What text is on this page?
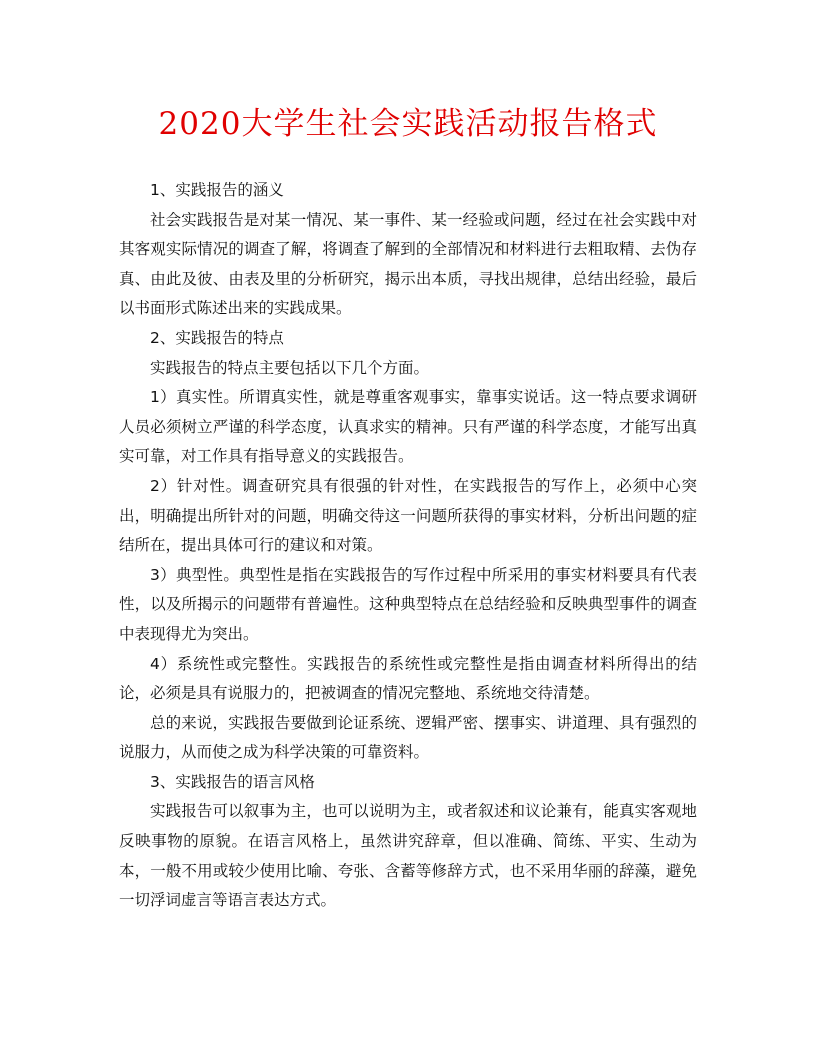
2020大学生社会实践活动报告格式

1、实践报告的涵义

社会实践报告是对某一情况、某一事件、某一经验或问题，经过在社会实践中对其客观实际情况的调查了解，将调查了解到的全部情况和材料进行去粗取精、去伪存真、由此及彼、由表及里的分析研究，揭示出本质，寻找出规律，总结出经验，最后以书面形式陈述出来的实践成果。

2、实践报告的特点

实践报告的特点主要包括以下几个方面。

1）真实性。所谓真实性，就是尊重客观事实，靠事实说话。这一特点要求调研人员必须树立严谨的科学态度，认真求实的精神。只有严谨的科学态度，才能写出真实可靠，对工作具有指导意义的实践报告。

2）针对性。调查研究具有很强的针对性，在实践报告的写作上，必须中心突出，明确提出所针对的问题，明确交待这一问题所获得的事实材料，分析出问题的症结所在，提出具体可行的建议和对策。

3）典型性。典型性是指在实践报告的写作过程中所采用的事实材料要具有代表性，以及所揭示的问题带有普遍性。这种典型特点在总结经验和反映典型事件的调查中表现得尤为突出。

4）系统性或完整性。实践报告的系统性或完整性是指由调查材料所得出的结论，必须是具有说服力的，把被调查的情况完整地、系统地交待清楚。

总的来说，实践报告要做到论证系统、逻辑严密、摆事实、讲道理、具有强烈的说服力，从而使之成为科学决策的可靠资料。

3、实践报告的语言风格

实践报告可以叙事为主，也可以说明为主，或者叙述和议论兼有，能真实客观地反映事物的原貌。在语言风格上，虽然讲究辞章，但以准确、简练、平实、生动为本，一般不用或较少使用比喻、夸张、含蓄等修辞方式，也不采用华丽的辞藻，避免一切浮词虚言等语言表达方式。
